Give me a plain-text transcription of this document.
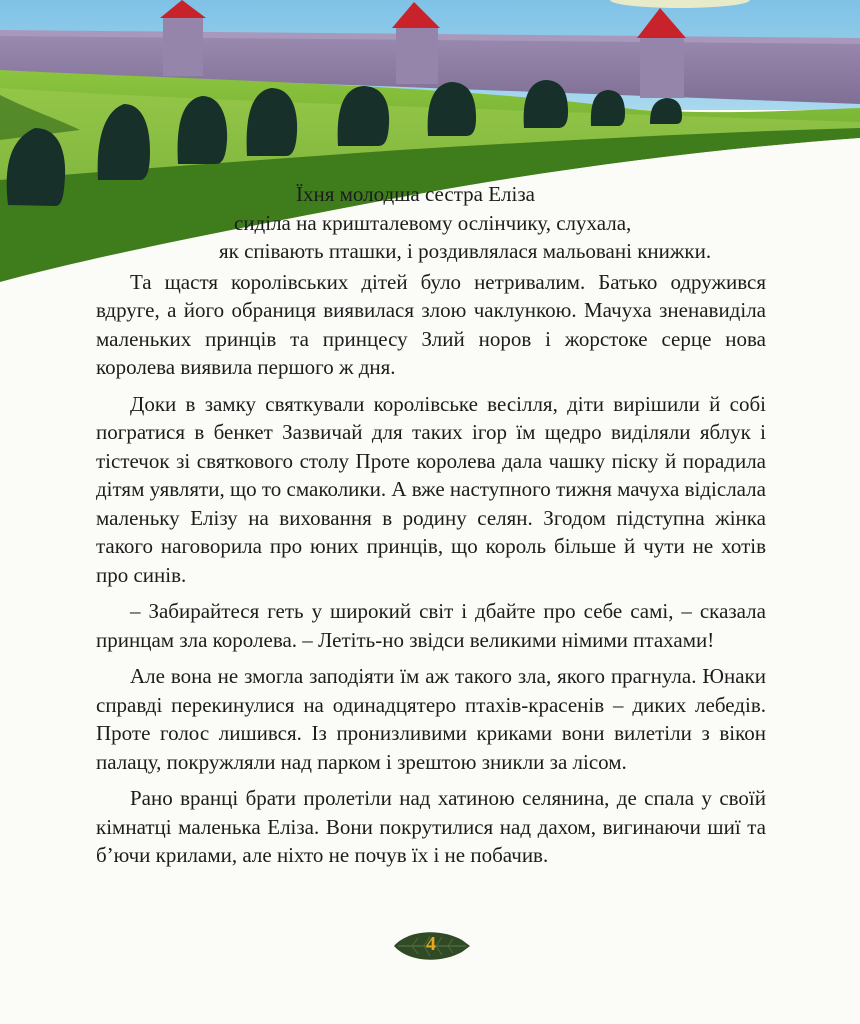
Їхня молодша сестра Еліза

сиділа на кришталевому ослінчику, слухала,

як співають пташки, і роздивлялася мальовані книжки.

Та щастя королівських дітей було нетривалим. Батько одружився вдруге, а його обраниця виявилася злою чаклункою. Мачуха зненавиділа маленьких принців та принцесу Злий норов і жорстоке серце нова королева виявила першого ж дня.

Доки в замку святкували королівське весілля, діти вирішили й собі погратися в бенкет Зазвичай для таких ігор їм щедро виділяли яблук і тістечок зі святкового столу Проте королева дала чашку піску й порадила дітям уявляти, що то смаколики. А вже наступного тижня мачуха відіслала маленьку Елізу на виховання в родину селян. Згодом підступна жінка такого наговорила про юних принців, що король більше й чути не хотів про синів.

– Забирайтеся геть у широкий світ і дбайте про себе самі, – сказала принцам зла королева. – Летіть-но звідси великими німими птахами!

Але вона не змогла заподіяти їм аж такого зла, якого прагнула. Юнаки справді перекинулися на одинадцятеро птахів-красенів – диких лебедів. Проте голос лишився. Із пронизливими криками вони вилетіли з вікон палацу, покружляли над парком і зрештою зникли за лісом.

Рано вранці брати пролетіли над хатиною селянина, де спала у своїй кімнатці маленька Еліза. Вони покрутилися над дахом, вигинаючи шиї та б’ючи крилами, але ніхто не почув їх і не побачив.

4
